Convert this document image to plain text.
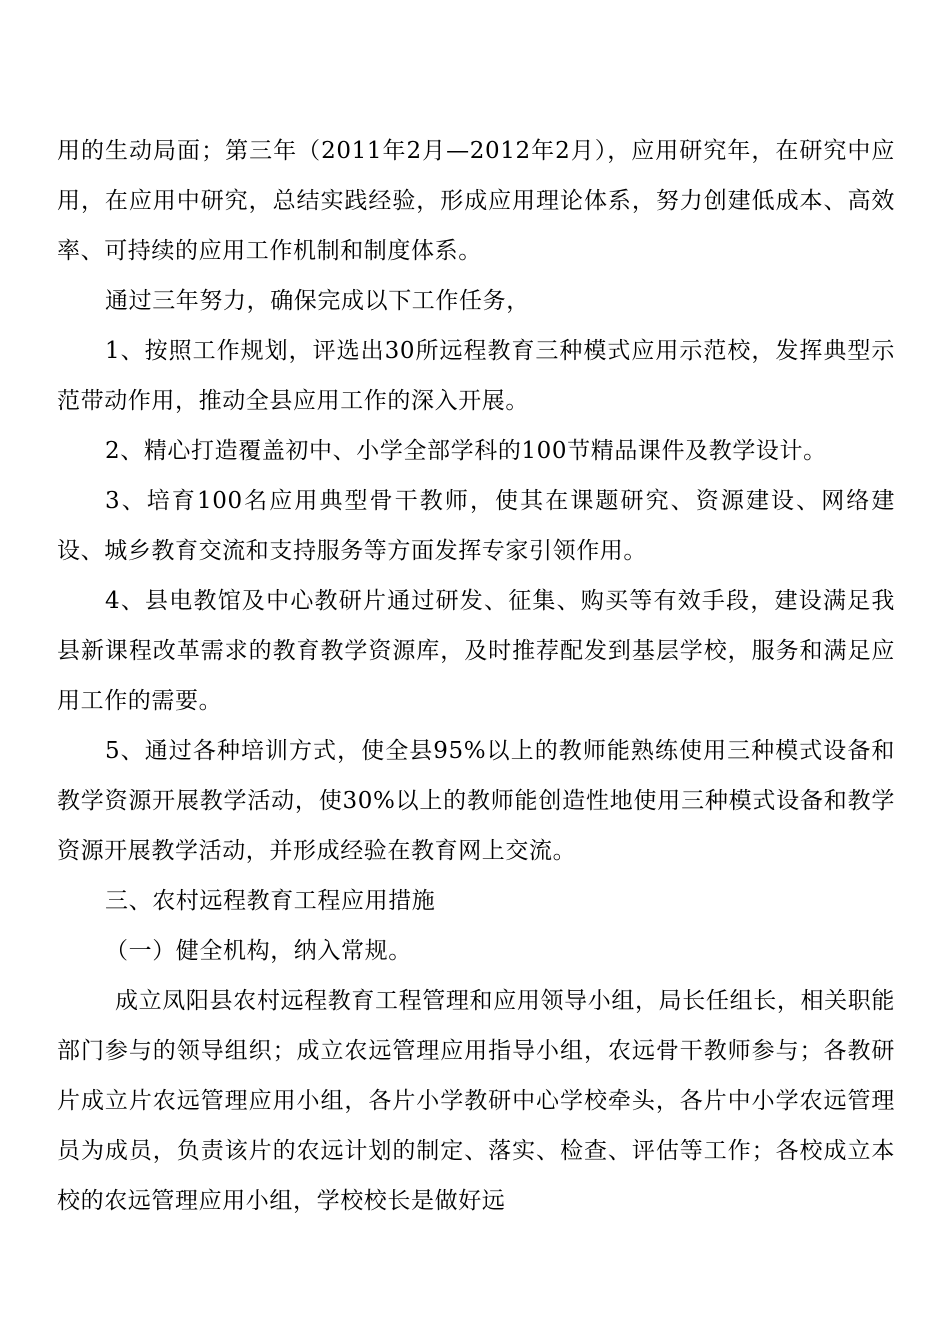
用的生动局面；第三年（2011年2月—2012年2月），应用研究年，在研究中应用，在应用中研究，总结实践经验，形成应用理论体系，努力创建低成本、高效率、可持续的应用工作机制和制度体系。

通过三年努力，确保完成以下工作任务，

1、按照工作规划，评选出30所远程教育三种模式应用示范校，发挥典型示范带动作用，推动全县应用工作的深入开展。

2、精心打造覆盖初中、小学全部学科的100节精品课件及教学设计。

3、培育100名应用典型骨干教师，使其在课题研究、资源建设、网络建设、城乡教育交流和支持服务等方面发挥专家引领作用。

4、县电教馆及中心教研片通过研发、征集、购买等有效手段，建设满足我县新课程改革需求的教育教学资源库，及时推荐配发到基层学校，服务和满足应用工作的需要。

5、通过各种培训方式，使全县95%以上的教师能熟练使用三种模式设备和教学资源开展教学活动，使30%以上的教师能创造性地使用三种模式设备和教学资源开展教学活动，并形成经验在教育网上交流。

三、农村远程教育工程应用措施

（一）健全机构，纳入常规。

成立凤阳县农村远程教育工程管理和应用领导小组，局长任组长，相关职能部门参与的领导组织；成立农远管理应用指导小组，农远骨干教师参与；各教研片成立片农远管理应用小组，各片小学教研中心学校牵头，各片中小学农远管理员为成员，负责该片的农远计划的制定、落实、检查、评估等工作；各校成立本校的农远管理应用小组，学校校长是做好远
